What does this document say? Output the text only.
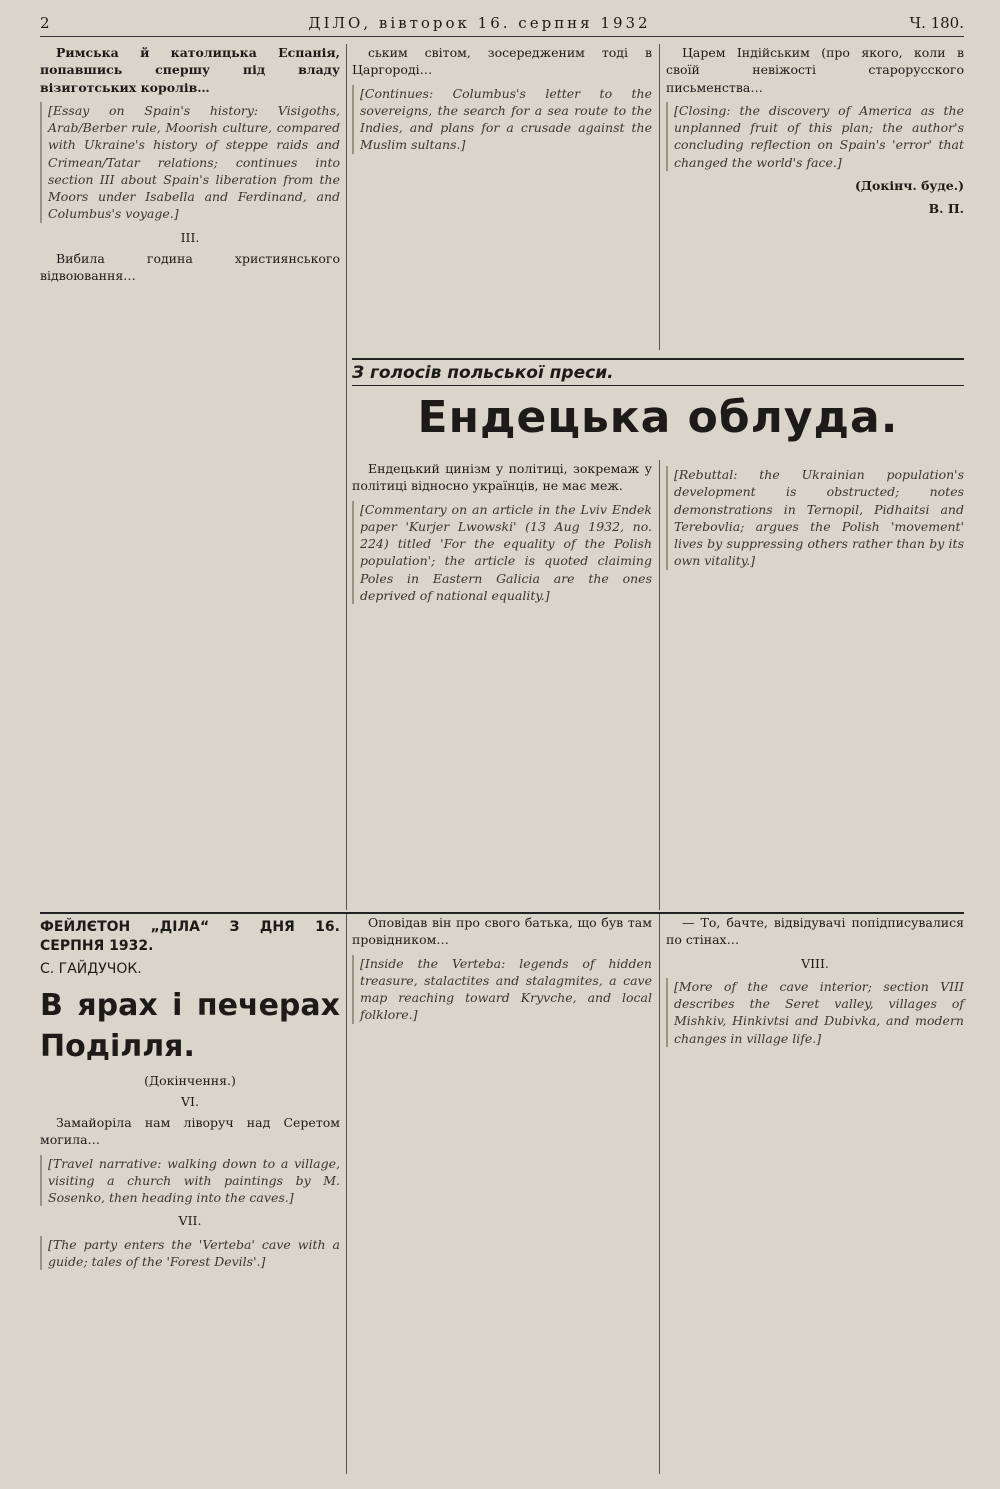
2	ДІЛО, вівторок 16. серпня 1932	Ч. 180.

Римська й католицька Еспанія, попавшись спершу під владу візиготських королів…

[Essay on Spain's history: Visigoths, Arab/Berber rule, Moorish culture, compared with Ukraine's history of steppe raids and Crimean/Tatar relations; continues into section III about Spain's liberation from the Moors under Isabella and Ferdinand, and Columbus's voyage.]

III.

Вибила година християнського відвоювання…

ським світом, зосередженим тоді в Царгороді…

[Continues: Columbus's letter to the sovereigns, the search for a sea route to the Indies, and plans for a crusade against the Muslim sultans.]

Царем Індійським (про якого, коли в своїй невіжості старорусского письменства…

[Closing: the discovery of America as the unplanned fruit of this plan; the author's concluding reflection on Spain's 'error' that changed the world's face.]

(Докінч. буде.)

В. П.

З голосів польської преси.
Ендецька облуда.

Ендецький цинізм у політиці, зокремаж у політиці відносно українців, не має меж.

[Commentary on an article in the Lviv Endek paper 'Kurjer Lwowski' (13 Aug 1932, no. 224) titled 'For the equality of the Polish population'; the article is quoted claiming Poles in Eastern Galicia are the ones deprived of national equality.]

[Rebuttal: the Ukrainian population's development is obstructed; notes demonstrations in Ternopil, Pidhaitsi and Terebovlia; argues the Polish 'movement' lives by suppressing others rather than by its own vitality.]

ФЕЙЛЄТОН „ДІЛА“ З ДНЯ 16. СЕРПНЯ 1932.
С. ГАЙДУЧОК.
В ярах і печерах Поділля.

(Докінчення.)

VI.

Замайоріла нам ліворуч над Серетом могила…

[Travel narrative: walking down to a village, visiting a church with paintings by M. Sosenko, then heading into the caves.]

VII.

[The party enters the 'Vertebа' cave with a guide; tales of the 'Forest Devils'.]

Оповідав він про свого батька, що був там провідником…

[Inside the Vertebа: legends of hidden treasure, stalactites and stalagmites, a cave map reaching toward Kryvche, and local folklore.]

— То, бачте, відвідувачі попідписувалися по стінах…

VIII.

[More of the cave interior; section VIII describes the Seret valley, villages of Mishkiv, Hinkivtsi and Dubivka, and modern changes in village life.]
